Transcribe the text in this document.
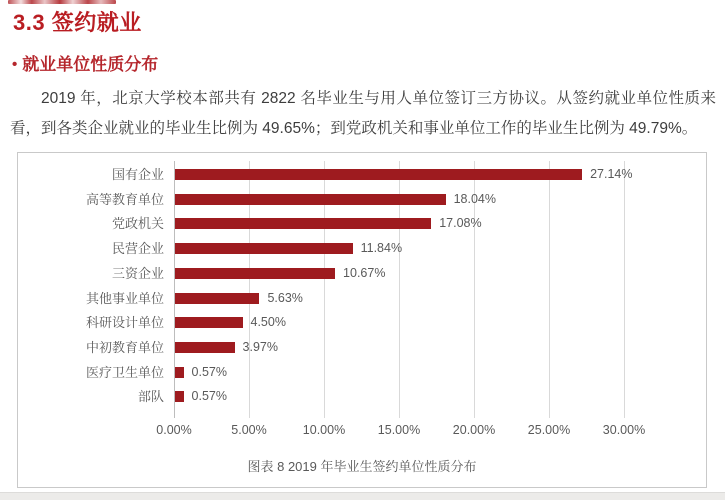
3.3 签约就业
• 就业单位性质分布

2019 年，北京大学校本部共有 2822 名毕业生与用人单位签订三方协议。从签约就业单位性质来看，到各类企业就业的毕业生比例为 49.65%；到党政机关和事业单位工作的毕业生比例为 49.79%。

0.00%	5.00%	10.00%	15.00%	20.00%	25.00%	30.00%
国有企业	27.14%
高等教育单位	18.04%
党政机关	17.08%
民营企业	11.84%
三资企业	10.67%
其他事业单位	5.63%
科研设计单位	4.50%
中初教育单位	3.97%
医疗卫生单位 0.57%
部队 0.57%
图表 8 2019 年毕业生签约单位性质分布
